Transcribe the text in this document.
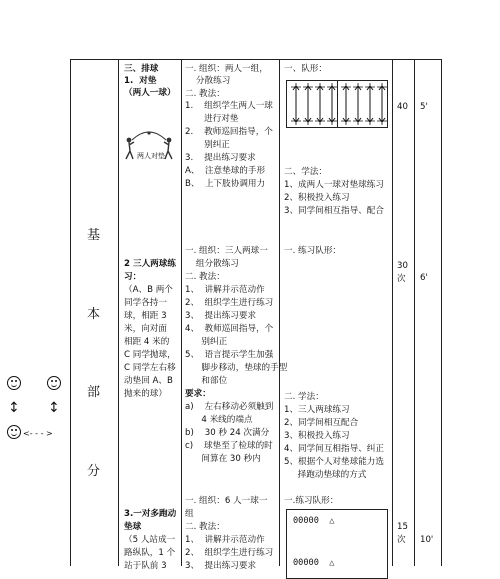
↕ ↕
<- - - >
基
本
部
分
三、排球
1.  对垫
（两人一球）
两人对垫
一. 组织：两人一组，
分散练习
二. 教法：
1.    组织学生两人一球
进行对垫
2.    教师巡回指导，个
别纠正
3.    提出练习要求
A、  注意垫球的手形
B、  上下肢协调用力
一、队形：
二、学法：
1、成两人一球对垫球练习
2、积极投入练习
3、同学间相互指导、配合
40 5'
2 三人两球练
习：
（A、B 两个
同学各持一
球，相距 3
米，向对面
相距 4 米的
C 同学抛球，
C 同学左右移
动垫回 A、B
抛来的球）
一. 组织：三人两球一
组分散练习
二. 教法：
1、  讲解并示范动作
2、  组织学生进行练习
3、  提出练习要求
4、  教师巡回指导，个
别纠正
5、  语言提示学生加强
脚步移动，垫球的手型
和部位
要求：
a)    左右移动必须触到
4 米线的端点
b)    30 秒 24 次满分
c)    球垫至了检球的时
间算在 30 秒内
一. 练习队形：
二. 学法：
1、三人两球练习
2、同学间相互配合
3、积极投入练习
4、同学间互相指导、纠正
5、根据个人对垫球能力选
择跑动垫球的方式
30
次 6'
3.一对多跑动
垫球
（5 人站成一
路纵队，1 个
站于队前 3
一. 组织：6 人一球一
组
二. 教法：
1、  讲解并示范动作
2、  组织学生进行练习
3、  提出练习要求
一.练习队形：
00000  △
00000  △
15
次 10'
